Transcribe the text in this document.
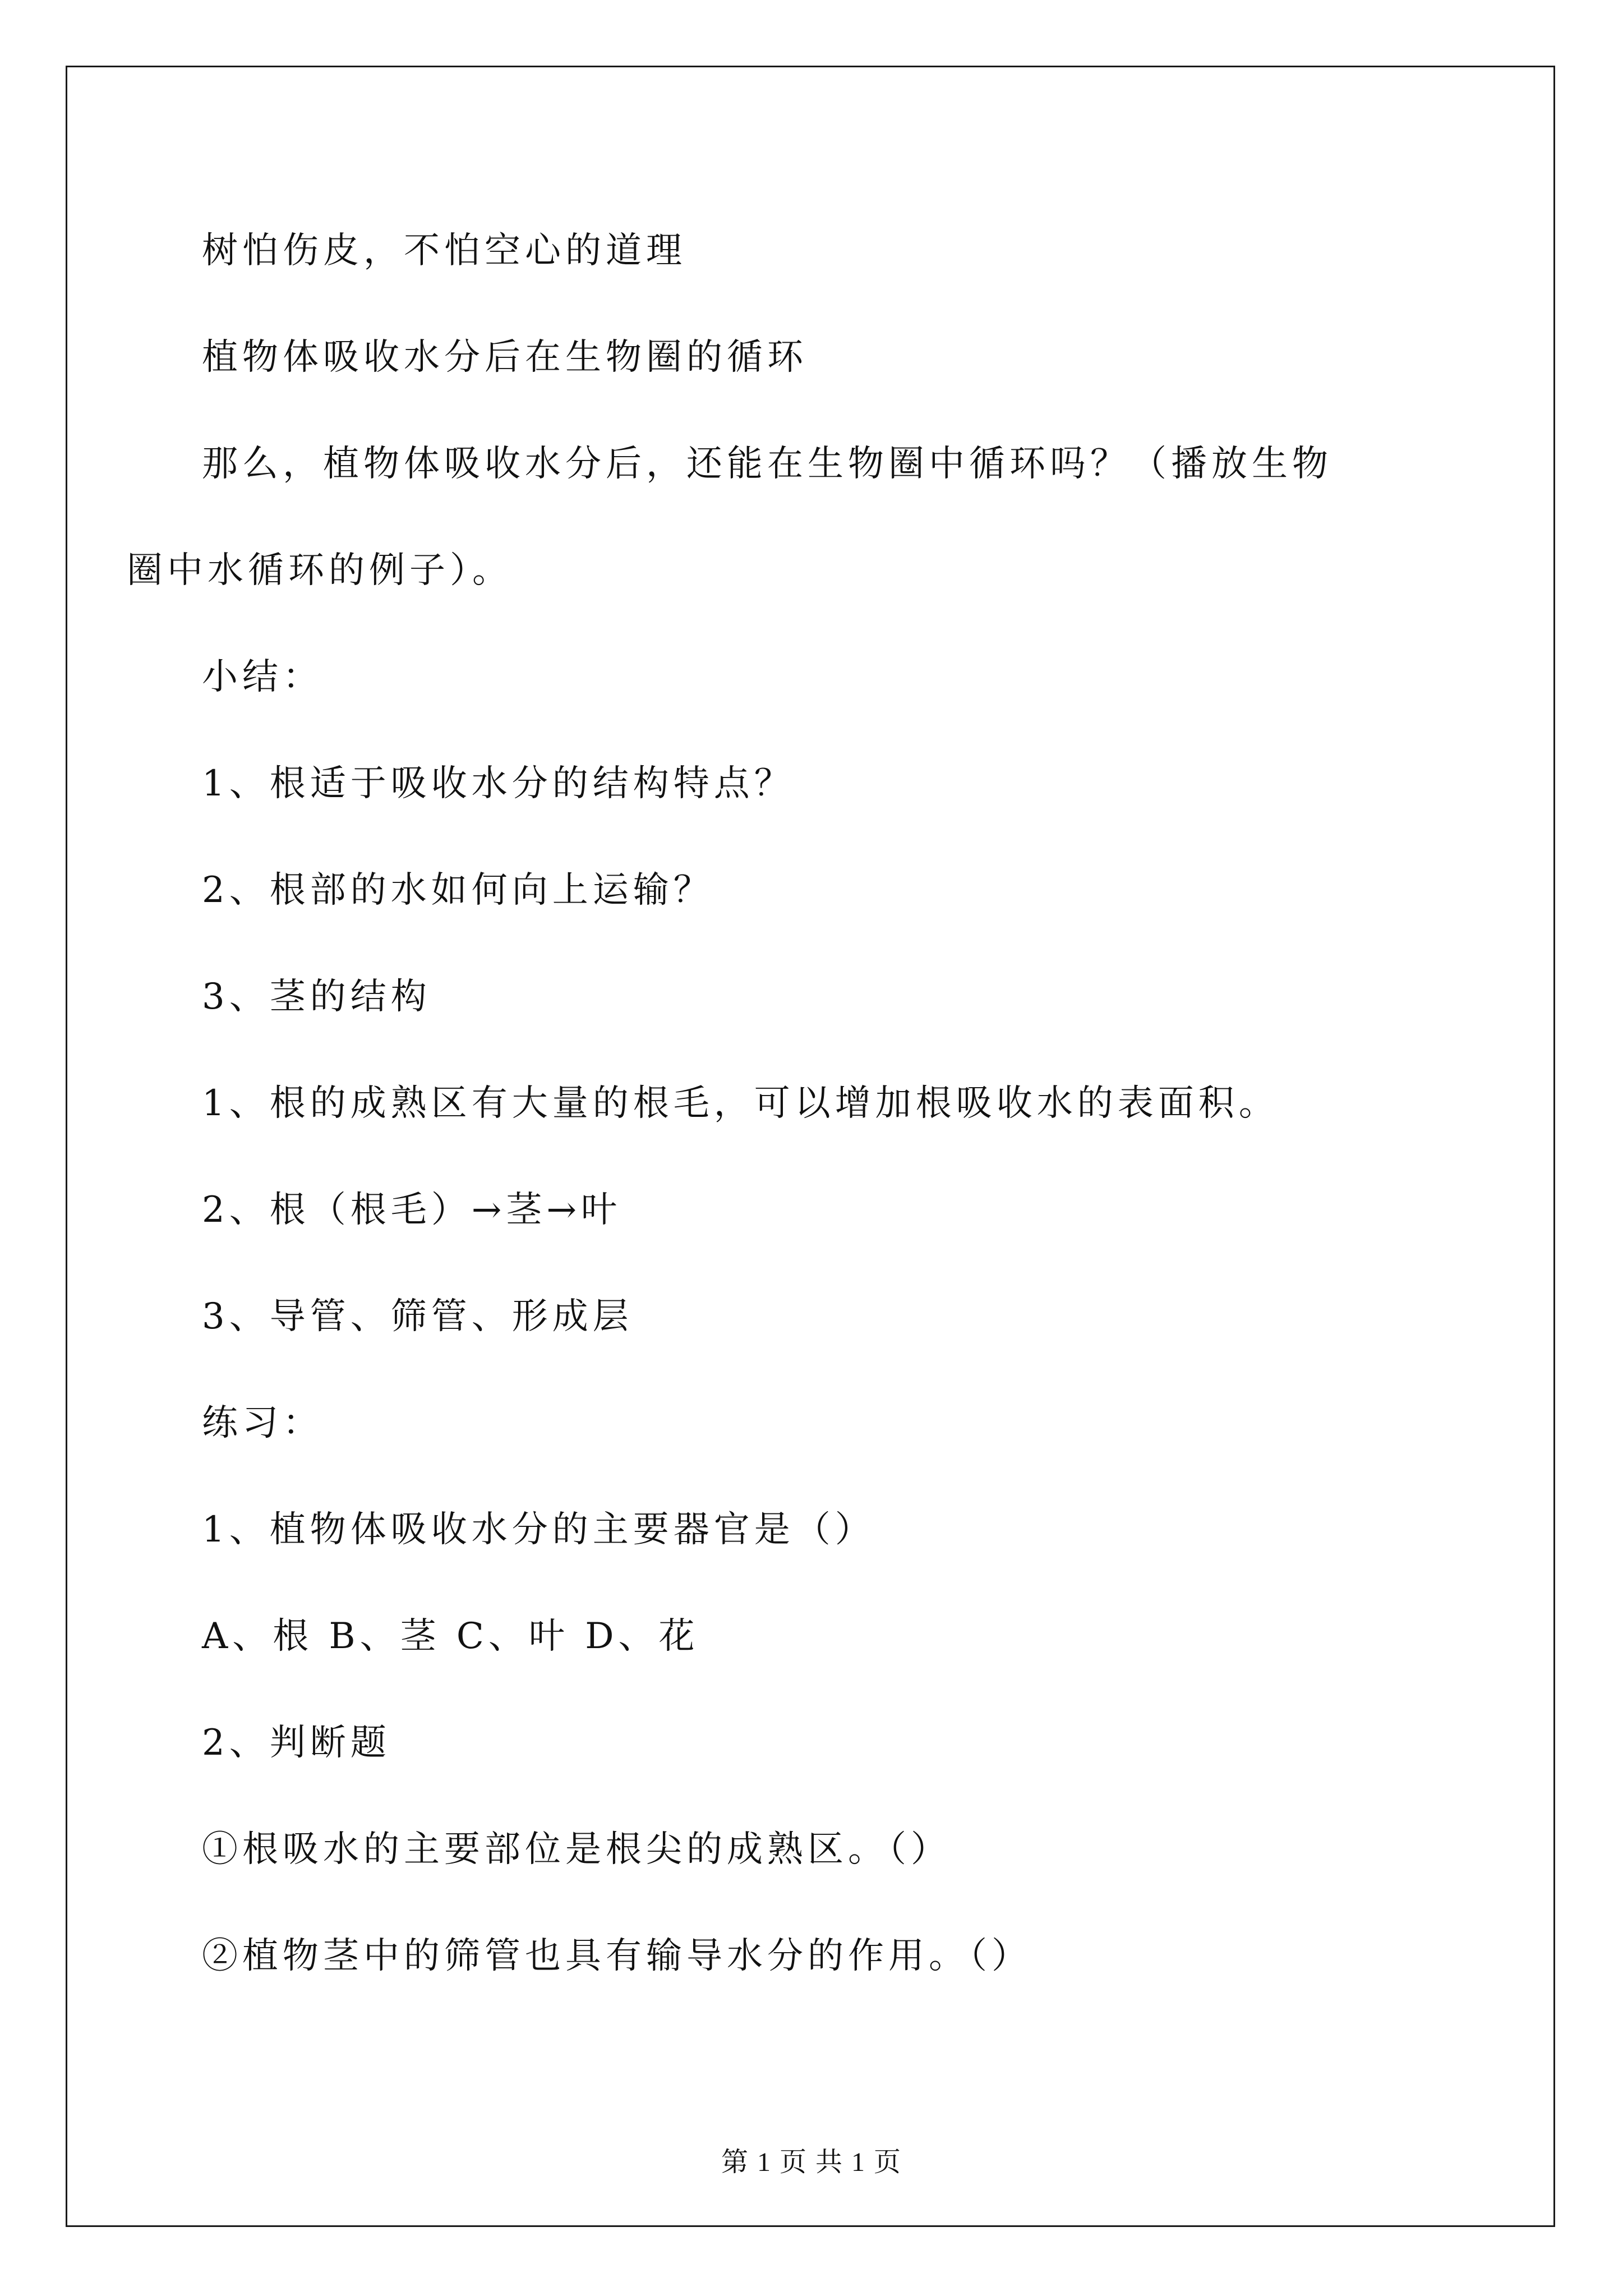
树怕伤皮，不怕空心的道理
植物体吸收水分后在生物圈的循环
那么，植物体吸收水分后，还能在生物圈中循环吗？（播放生物
圈中水循环的例子）。
小结：
1、根适于吸收水分的结构特点？
2、根部的水如何向上运输？
3、茎的结构
1、根的成熟区有大量的根毛，可以增加根吸收水的表面积。
2、根（根毛）→茎→叶
3、导管、筛管、形成层
练习：
1、植物体吸收水分的主要器官是（）
A、根 B、茎 C、叶 D、花
2、判断题
①根吸水的主要部位是根尖的成熟区。（）
②植物茎中的筛管也具有输导水分的作用。（）
第 1 页 共 1 页
